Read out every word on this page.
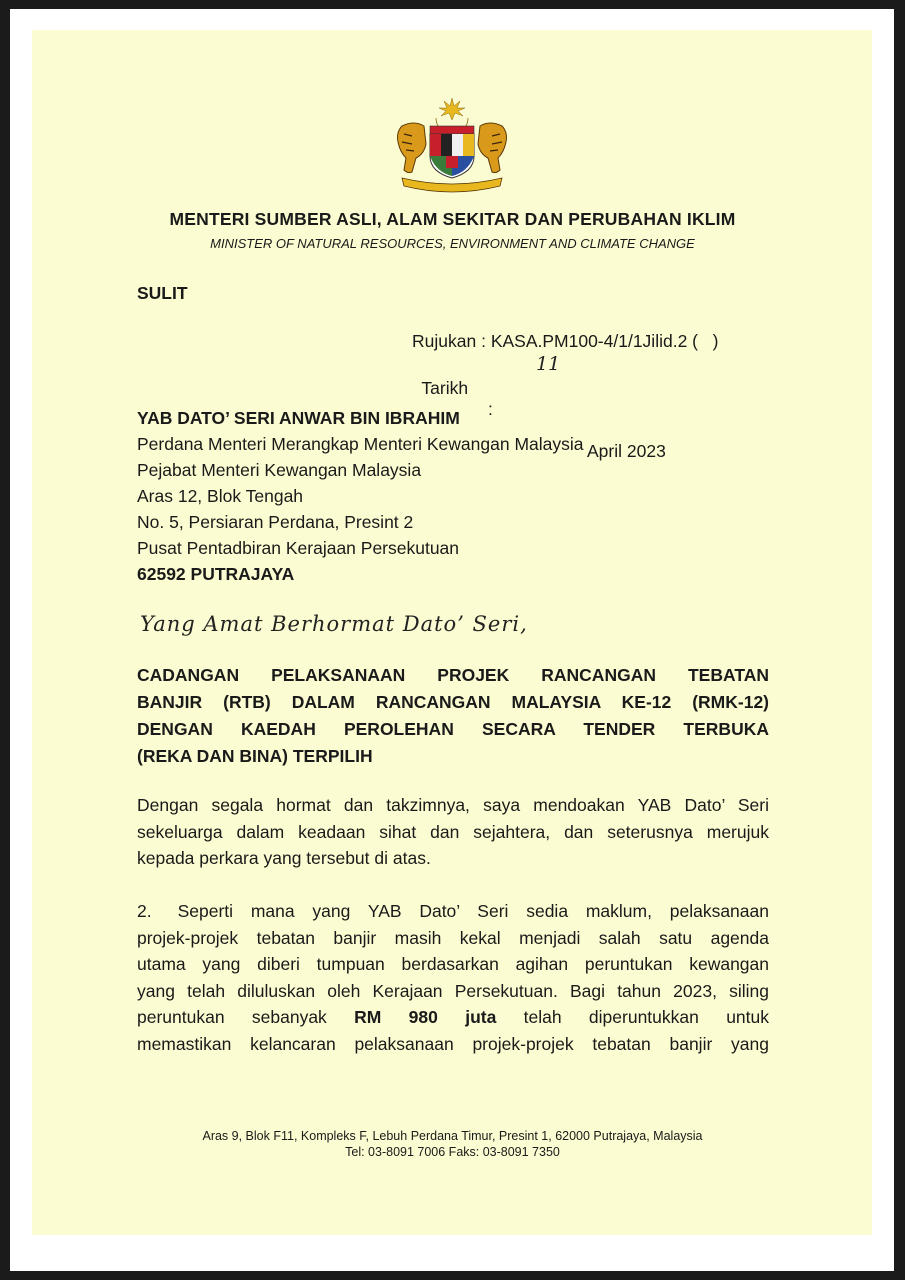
MENTERI SUMBER ASLI, ALAM SEKITAR DAN PERUBAHAN IKLIM

MINISTER OF NATURAL RESOURCES, ENVIRONMENT AND CLIMATE CHANGE

SULIT

Rujukan : KASA.PM100-4/1/1Jilid.2 (   )

Tarikh

:

11

April 2023

YAB DATO’ SERI ANWAR BIN IBRAHIM

Perdana Menteri Merangkap Menteri Kewangan Malaysia

Pejabat Menteri Kewangan Malaysia

Aras 12, Blok Tengah

No. 5, Persiaran Perdana, Presint 2

Pusat Pentadbiran Kerajaan Persekutuan

62592 PUTRAJAYA

Yang Amat Berhormat Dato’ Seri,

CADANGAN PELAKSANAAN PROJEK RANCANGAN TEBATAN
BANJIR (RTB) DALAM RANCANGAN MALAYSIA KE-12 (RMK-12)
DENGAN KAEDAH PEROLEHAN SECARA TENDER TERBUKA
(REKA DAN BINA) TERPILIH
Dengan segala hormat dan takzimnya, saya mendoakan YAB Dato’ Seri
sekeluarga dalam keadaan sihat dan sejahtera, dan seterusnya merujuk
kepada perkara yang tersebut di atas.
2. Seperti mana yang YAB Dato’ Seri sedia maklum, pelaksanaan
projek-projek tebatan banjir masih kekal menjadi salah satu agenda
utama yang diberi tumpuan berdasarkan agihan peruntukan kewangan
yang telah diluluskan oleh Kerajaan Persekutuan. Bagi tahun 2023, siling
peruntukan sebanyak RM 980 juta telah diperuntukkan untuk
memastikan kelancaran pelaksanaan projek-projek tebatan banjir yang

Aras 9, Blok F11, Kompleks F, Lebuh Perdana Timur, Presint 1, 62000 Putrajaya, Malaysia

Tel: 03-8091 7006 Faks: 03-8091 7350
